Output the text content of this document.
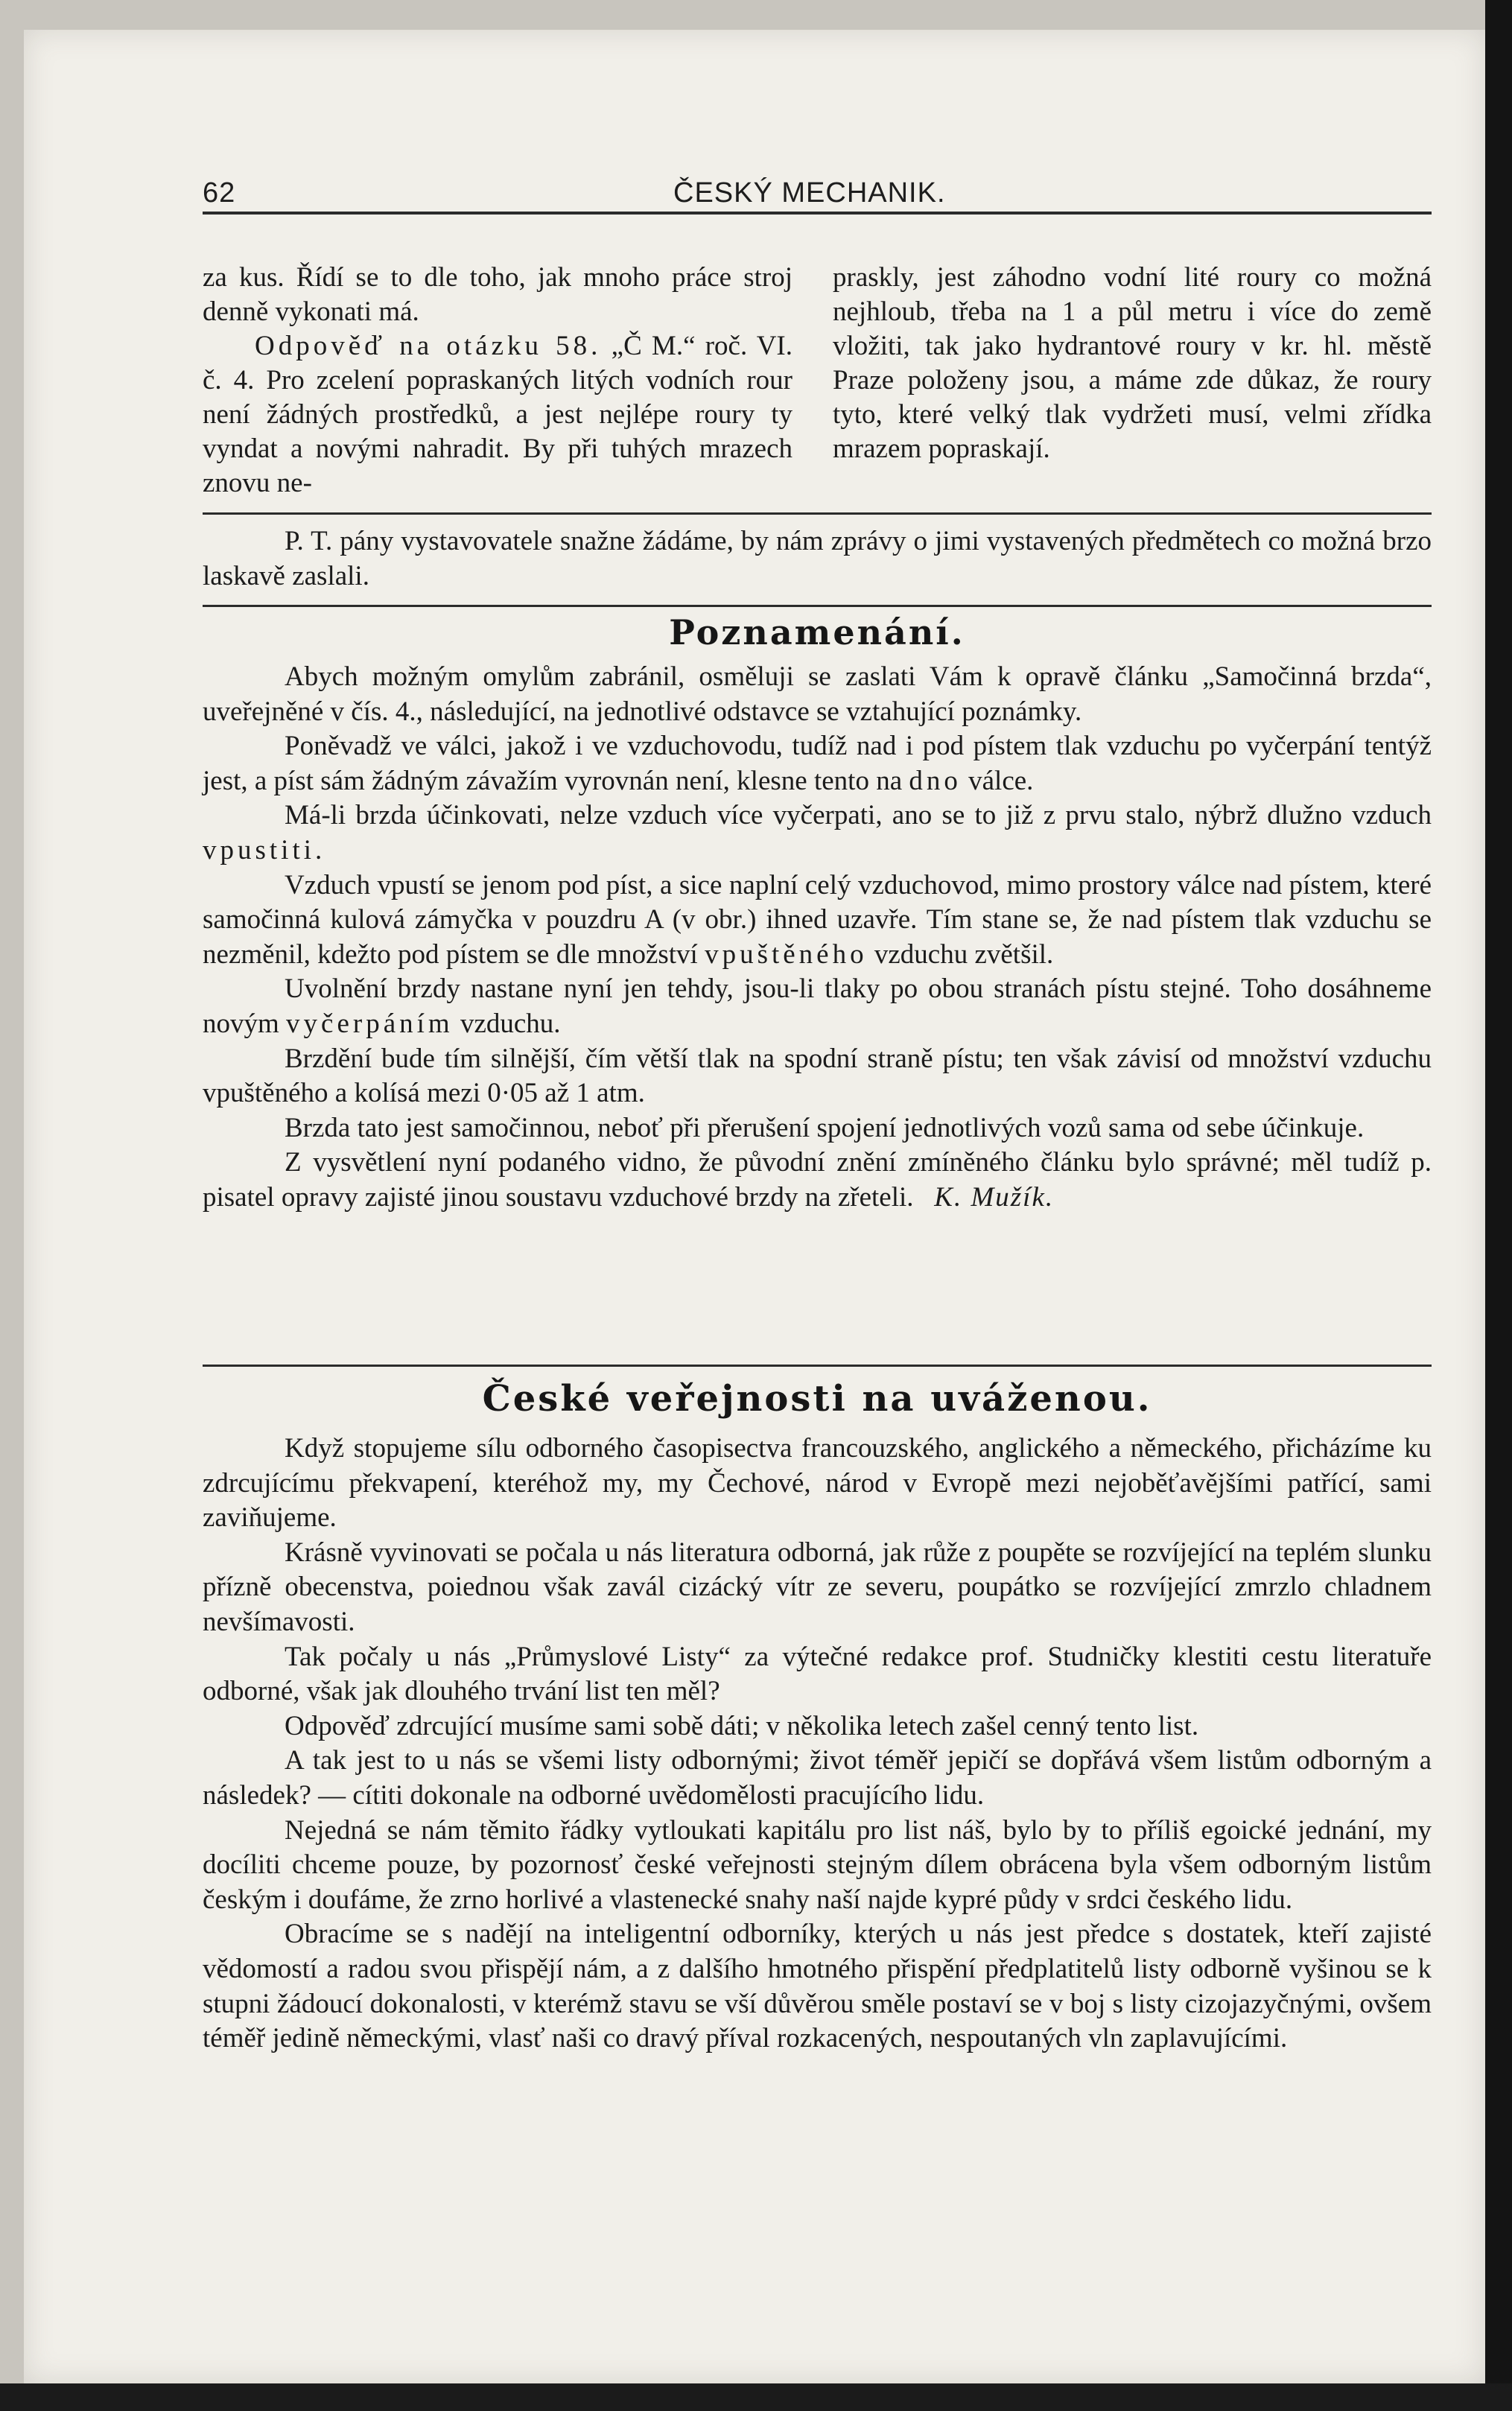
62	ČESKÝ MECHANIK.

za kus. Řídí se to dle toho, jak mnoho práce stroj denně vykonati má.
Odpověď na otázku 58. „Č M.“ roč. VI. č. 4. Pro zcelení popraskaných litých vodních rour není žádných prostředků, a jest nejlépe roury ty vyndat a novými nahradit. By při tuhých mrazech znovu ne-

praskly, jest záhodno vodní lité roury co možná nejhloub, třeba na 1 a půl metru i více do země vložiti, tak jako hydrantové roury v kr. hl. městě Praze položeny jsou, a máme zde důkaz, že roury tyto, které velký tlak vydržeti musí, velmi zřídka mrazem popraskají.

P. T. pány vystavovatele snažne žádáme, by nám zprávy o jimi vystavených předmětech co možná brzo laskavě zaslali.

Poznamenání.

Abych možným omylům zabránil, osměluji se zaslati Vám k opravě článku „Samočinná brzda“, uveřejněné v čís. 4., následující, na jednotlivé odstavce se vztahující poznámky.

Poněvadž ve válci, jakož i ve vzduchovodu, tudíž nad i pod pístem tlak vzduchu po vyčerpání tentýž jest, a píst sám žádným závažím vyrovnán není, klesne tento na dno válce.

Má-li brzda účinkovati, nelze vzduch více vyčerpati, ano se to již z prvu stalo, nýbrž dlužno vzduch vpustiti.

Vzduch vpustí se jenom pod píst, a sice naplní celý vzduchovod, mimo prostory válce nad pístem, které samočinná kulová zámyčka v pouzdru A (v obr.) ihned uzavře. Tím stane se, že nad pístem tlak vzduchu se nezměnil, kdežto pod pístem se dle množství vpuštěného vzduchu zvětšil.

Uvolnění brzdy nastane nyní jen tehdy, jsou-li tlaky po obou stranách pístu stejné. Toho dosáhneme novým vyčerpáním vzduchu.

Brzdění bude tím silnější, čím větší tlak na spodní straně pístu; ten však závisí od množství vzduchu vpuštěného a kolísá mezi 0·05 až 1 atm.

Brzda tato jest samočinnou, neboť při přerušení spojení jednotlivých vozů sama od sebe účinkuje.

Z vysvětlení nyní podaného vidno, že původní znění zmíněného článku bylo správné; měl tudíž p. pisatel opravy zajisté jinou soustavu vzduchové brzdy na zřeteli. K. Mužík.

České veřejnosti na uváženou.

Když stopujeme sílu odborného časopisectva francouzského, anglického a německého, přicházíme ku zdrcujícímu překvapení, kteréhož my, my Čechové, národ v Evropě mezi nejoběťavějšími patřící, sami zaviňujeme.

Krásně vyvinovati se počala u nás literatura odborná, jak růže z poupěte se rozvíjející na teplém slunku přízně obecenstva, poiednou však zavál cizácký vítr ze severu, poupátko se rozvíjející zmrzlo chladnem nevšímavosti.

Tak počaly u nás „Průmyslové Listy“ za výtečné redakce prof. Studničky klestiti cestu literatuře odborné, však jak dlouhého trvání list ten měl?

Odpověď zdrcující musíme sami sobě dáti; v několika letech zašel cenný tento list.

A tak jest to u nás se všemi listy odbornými; život téměř jepičí se dopřává všem listům odborným a následek? — cítiti dokonale na odborné uvědomělosti pracujícího lidu.

Nejedná se nám těmito řádky vytloukati kapitálu pro list náš, bylo by to příliš egoické jednání, my docíliti chceme pouze, by pozornosť české veřejnosti stejným dílem obrácena byla všem odborným listům českým i doufáme, že zrno horlivé a vlastenecké snahy naší najde kypré půdy v srdci českého lidu.

Obracíme se s nadějí na inteligentní odborníky, kterých u nás jest předce s dostatek, kteří zajisté vědomostí a radou svou přispějí nám, a z dalšího hmotného přispění předplatitelů listy odborně vyšinou se k stupni žádoucí dokonalosti, v kterémž stavu se vší důvěrou směle postaví se v boj s listy cizojazyčnými, ovšem téměř jedině německými, vlasť naši co dravý příval rozkacených, nespoutaných vln zaplavujícími.
